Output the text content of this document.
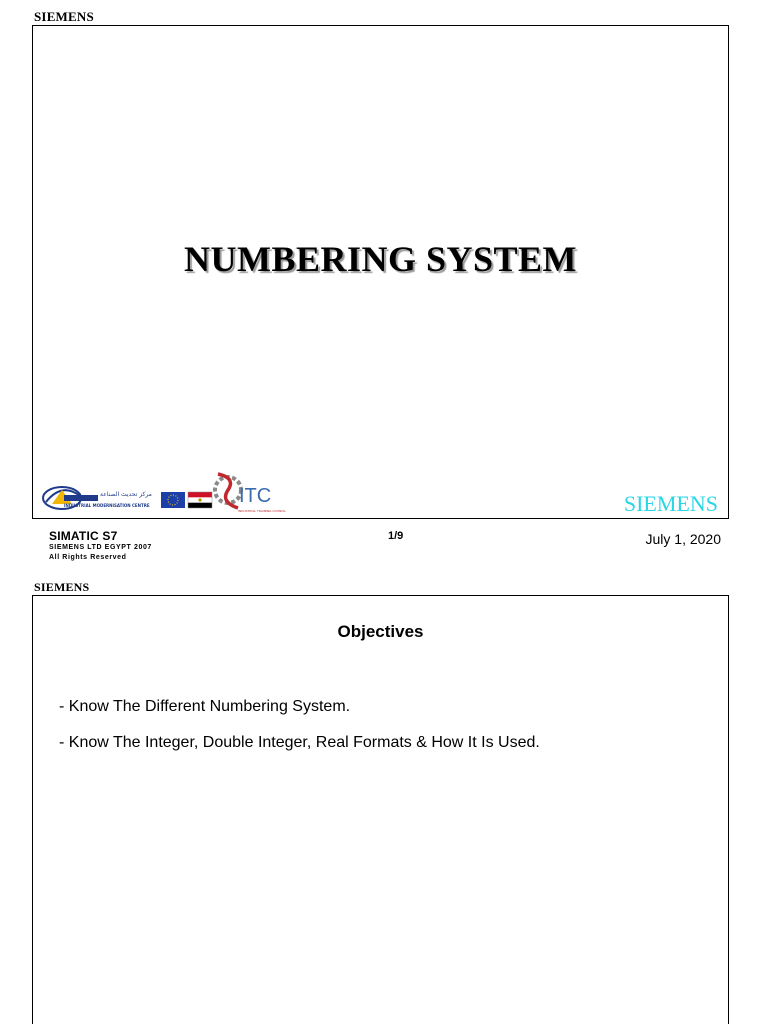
SIEMENS
NUMBERING SYSTEM
مركز تحديث الصناعة
INDUSTRIAL MODERNISATION CENTRE	ITC
INDUSTRIAL TRAINING COUNCIL	SIEMENS
SIMATIC S7
SIEMENS LTD EGYPT 2007
All Rights Reserved
1/9	July 1, 2020
SIEMENS
Objectives
- Know The Different Numbering System.
- Know The Integer, Double Integer, Real Formats & How It Is Used.
